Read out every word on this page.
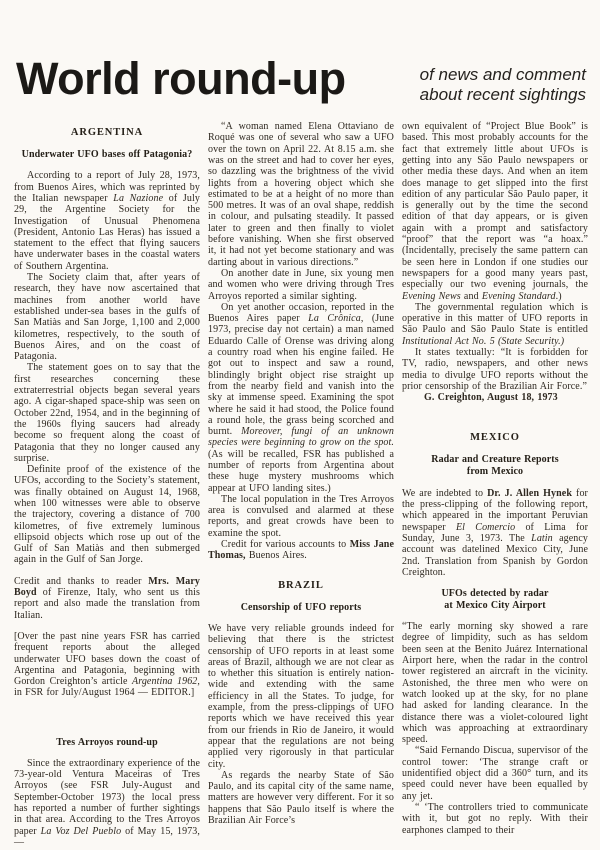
World round-up	of news and comment
about recent sightings
ARGENTINA
Underwater UFO bases off Patagonia?

According to a report of July 28, 1973, from Buenos Aires, which was reprinted by the Italian newspaper La Nazione of July 29, the Argentine Society for the Investigation of Unusual Phenomena (President, Antonio Las Heras) has issued a statement to the effect that flying saucers have underwater bases in the coastal waters of Southern Argentina.

The Society claim that, after years of research, they have now ascertained that machines from another world have established under-sea bases in the gulfs of San Matiàs and San Jorge, 1,100 and 2,000 kilometres, respectively, to the south of Buenos Aires, and on the coast of Patagonia.

The statement goes on to say that the first researches concerning these extraterrestrial objects began several years ago. A cigar-shaped space-ship was seen on October 22nd, 1954, and in the beginning of the 1960s flying saucers had already become so frequent along the coast of Patagonia that they no longer caused any surprise.

Definite proof of the existence of the UFOs, according to the Society’s statement, was finally obtained on August 14, 1968, when 100 witnesses were able to observe the trajectory, covering a distance of 700 kilometres, of five extremely luminous ellipsoid objects which rose up out of the Gulf of San Matiàs and then submerged again in the Gulf of San Jorge.

Credit and thanks to reader Mrs. Mary Boyd of Firenze, Italy, who sent us this report and also made the translation from Italian.

[Over the past nine years FSR has carried frequent reports about the alleged underwater UFO bases down the coast of Argentina and Patagonia, beginning with Gordon Creighton’s article Argentina 1962, in FSR for July/August 1964 — EDITOR.]

Tres Arroyos round-up

Since the extraordinary experience of the 73-year-old Ventura Maceiras of Tres Arroyos (see FSR July-August and September-October 1973) the local press has reported a number of further sightings in that area. According to the Tres Arroyos paper La Voz Del Pueblo of May 15, 1973,—

“A woman named Elena Ottaviano de Roqué was one of several who saw a UFO over the town on April 22. At 8.15 a.m. she was on the street and had to cover her eyes, so dazzling was the brightness of the vivid lights from a hovering object which she estimated to be at a height of no more than 500 metres. It was of an oval shape, reddish in colour, and pulsating steadily. It passed later to green and then finally to violet before vanishing. When she first observed it, it had not yet become stationary and was darting about in various directions.”

On another date in June, six young men and women who were driving through Tres Arroyos reported a similar sighting.

On yet another occasion, reported in the Buenos Aires paper La Crônica, (June 1973, precise day not certain) a man named Eduardo Calle of Orense was driving along a country road when his engine failed. He got out to inspect and saw a round, blindingly bright object rise straight up from the nearby field and vanish into the sky at immense speed. Examining the spot where he said it had stood, the Police found a round hole, the grass being scorched and burnt. Moreover, fungi of an unknown species were beginning to grow on the spot. (As will be recalled, FSR has published a number of reports from Argentina about these huge mystery mushrooms which appear at UFO landing sites.)

The local population in the Tres Arroyos area is convulsed and alarmed at these reports, and great crowds have been to examine the spot.

Credit for various accounts to Miss Jane Thomas, Buenos Aires.

BRAZIL
Censorship of UFO reports

We have very reliable grounds indeed for believing that there is the strictest censorship of UFO reports in at least some areas of Brazil, although we are not clear as to whether this situation is entirely nation-wide and extending with the same efficiency in all the States. To judge, for example, from the press-clippings of UFO reports which we have received this year from our friends in Rio de Janeiro, it would appear that the regulations are not being applied very rigorously in that particular city.

As regards the nearby State of São Paulo, and its capital city of the same name, matters are however very different. For it so happens that São Paulo itself is where the Brazilian Air Force’s

own equivalent of “Project Blue Book” is based. This most probably accounts for the fact that extremely little about UFOs is getting into any São Paulo newspapers or other media these days. And when an item does manage to get slipped into the first edition of any particular São Paulo paper, it is generally out by the time the second edition of that day appears, or is given again with a prompt and satisfactory “proof” that the report was “a hoax.” (Incidentally, precisely the same pattern can be seen here in London if one studies our newspapers for a good many years past, especially our two evening journals, the Evening News and Evening Standard.)

The governmental regulation which is operative in this matter of UFO reports in São Paulo and São Paulo State is entitled Institutional Act No. 5 (State Security.)

It states textually: “It is forbidden for TV, radio, newspapers, and other news media to divulge UFO reports without the prior censorship of the Brazilian Air Force.”

G. Creighton, August 18, 1973

MEXICO
Radar and Creature Reports
from Mexico

We are indebted to Dr. J. Allen Hynek for the press-clipping of the following report, which appeared in the important Peruvian newspaper El Comercio of Lima for Sunday, June 3, 1973. The Latin agency account was datelined Mexico City, June 2nd. Translation from Spanish by Gordon Creighton.

UFOs detected by radar
at Mexico City Airport

“The early morning sky showed a rare degree of limpidity, such as has seldom been seen at the Benito Juárez International Airport here, when the radar in the control tower registered an aircraft in the vicinity. Astonished, the three men who were on watch looked up at the sky, for no plane had asked for landing clearance. In the distance there was a violet-coloured light which was approaching at extraordinary speed.

“Said Fernando Discua, supervisor of the control tower: ‘The strange craft or unidentified object did a 360° turn, and its speed could never have been equalled by any jet.

“ ‘The controllers tried to communicate with it, but got no reply. With their earphones clamped to their
